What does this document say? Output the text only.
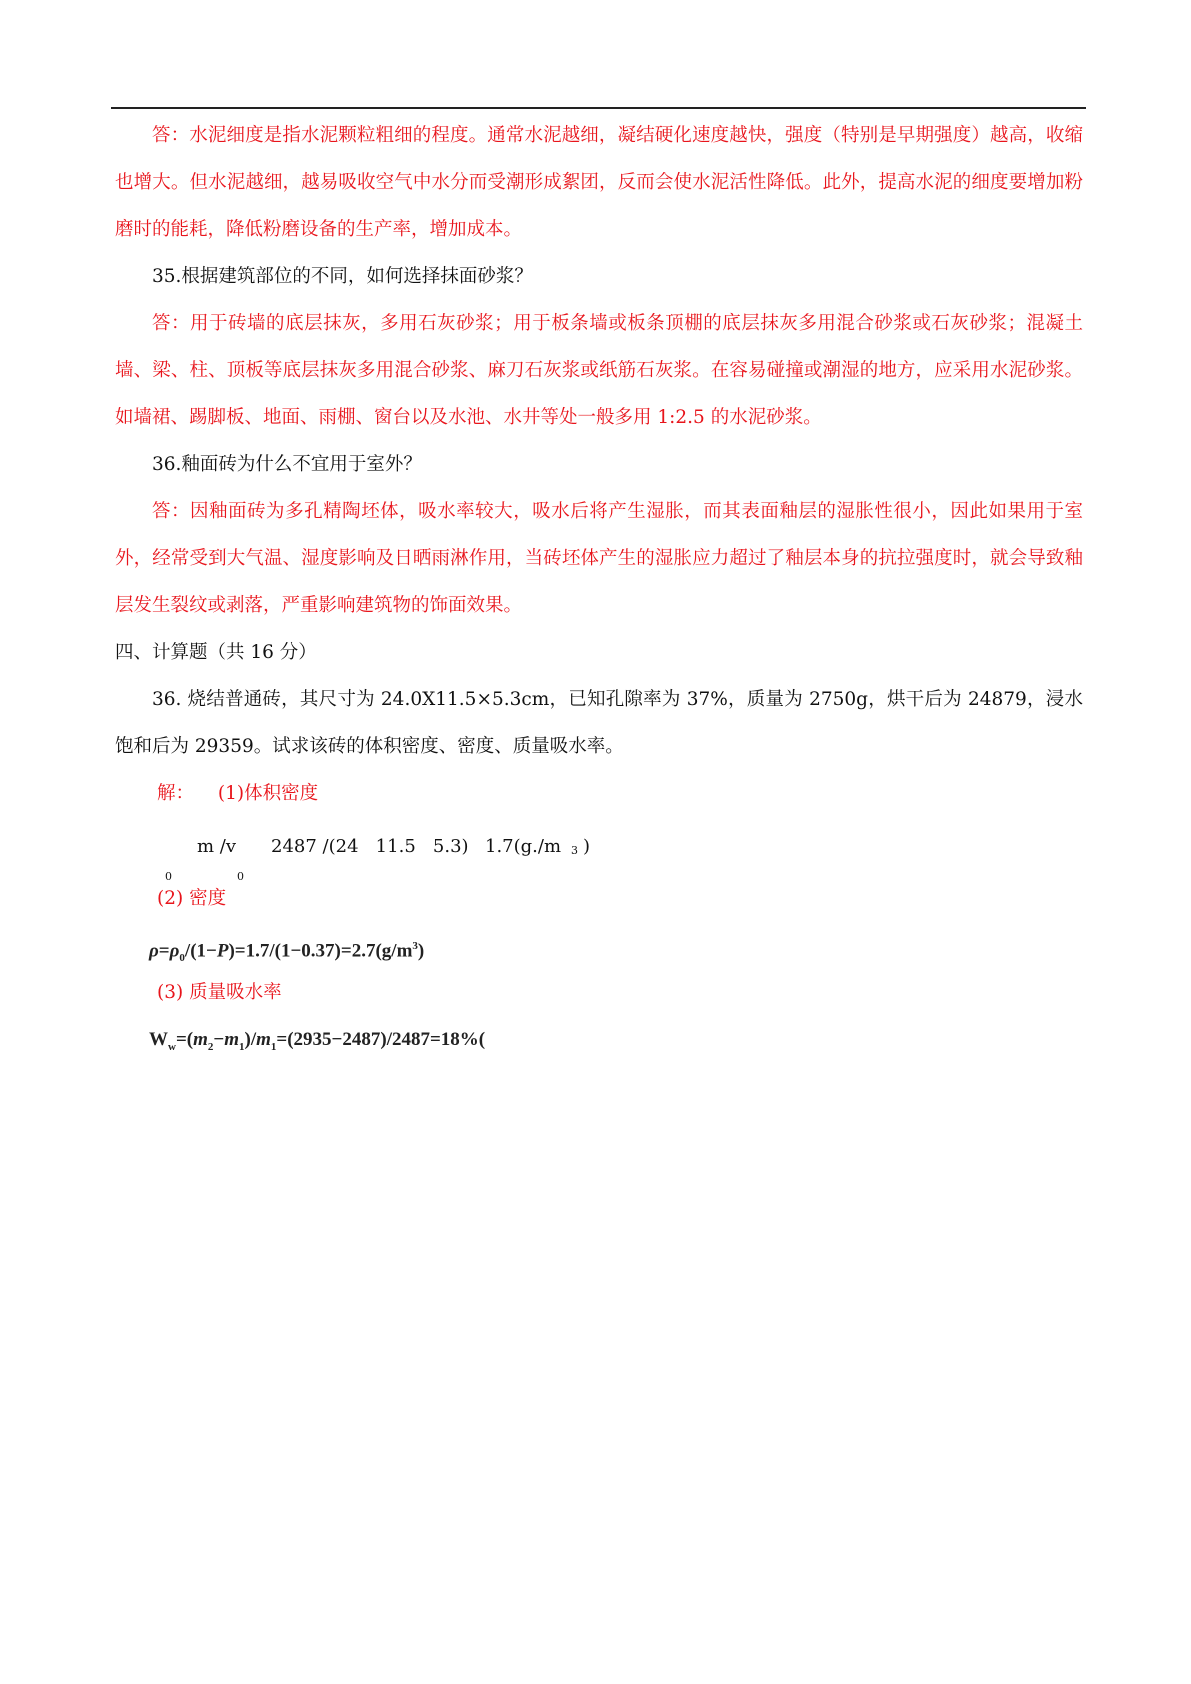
答：水泥细度是指水泥颗粒粗细的程度。通常水泥越细，凝结硬化速度越快，强度（特别是早期强度）越高，收缩也增大。但水泥越细，越易吸收空气中水分而受潮形成絮团，反而会使水泥活性降低。此外，提高水泥的细度要增加粉磨时的能耗，降低粉磨设备的生产率，增加成本。

35.根据建筑部位的不同，如何选择抹面砂浆？

答：用于砖墙的底层抹灰，多用石灰砂浆；用于板条墙或板条顶棚的底层抹灰多用混合砂浆或石灰砂浆；混凝土墙、梁、柱、顶板等底层抹灰多用混合砂浆、麻刀石灰浆或纸筋石灰浆。在容易碰撞或潮湿的地方，应采用水泥砂浆。如墙裙、踢脚板、地面、雨棚、窗台以及水池、水井等处一般多用 1:2.5 的水泥砂浆。

36.釉面砖为什么不宜用于室外？

答：因釉面砖为多孔精陶坯体，吸水率较大，吸水后将产生湿胀，而其表面釉层的湿胀性很小，因此如果用于室外，经常受到大气温、湿度影响及日晒雨淋作用，当砖坯体产生的湿胀应力超过了釉层本身的抗拉强度时，就会导致釉层发生裂纹或剥落，严重影响建筑物的饰面效果。

四、计算题（共 16 分）

36. 烧结普通砖，其尺寸为 24.0X11.5×5.3cm，已知孔隙率为 37%，质量为 2750g，烘干后为 24879，浸水饱和后为 29359。试求该砖的体积密度、密度、质量吸水率。

解： (1)体积密度
0
m /v
0
2487 /(24   11.5   5.3) 1.7(g./m 3 )
(2) 密度
$\rho=\rho_0/(1-P)=1.7/(1-0.37)=2.7(g/m^3)$
(3) 质量吸水率
$W_w=(m_2-m_1)/m_1=(2935-2487)/2487=18\%$(
